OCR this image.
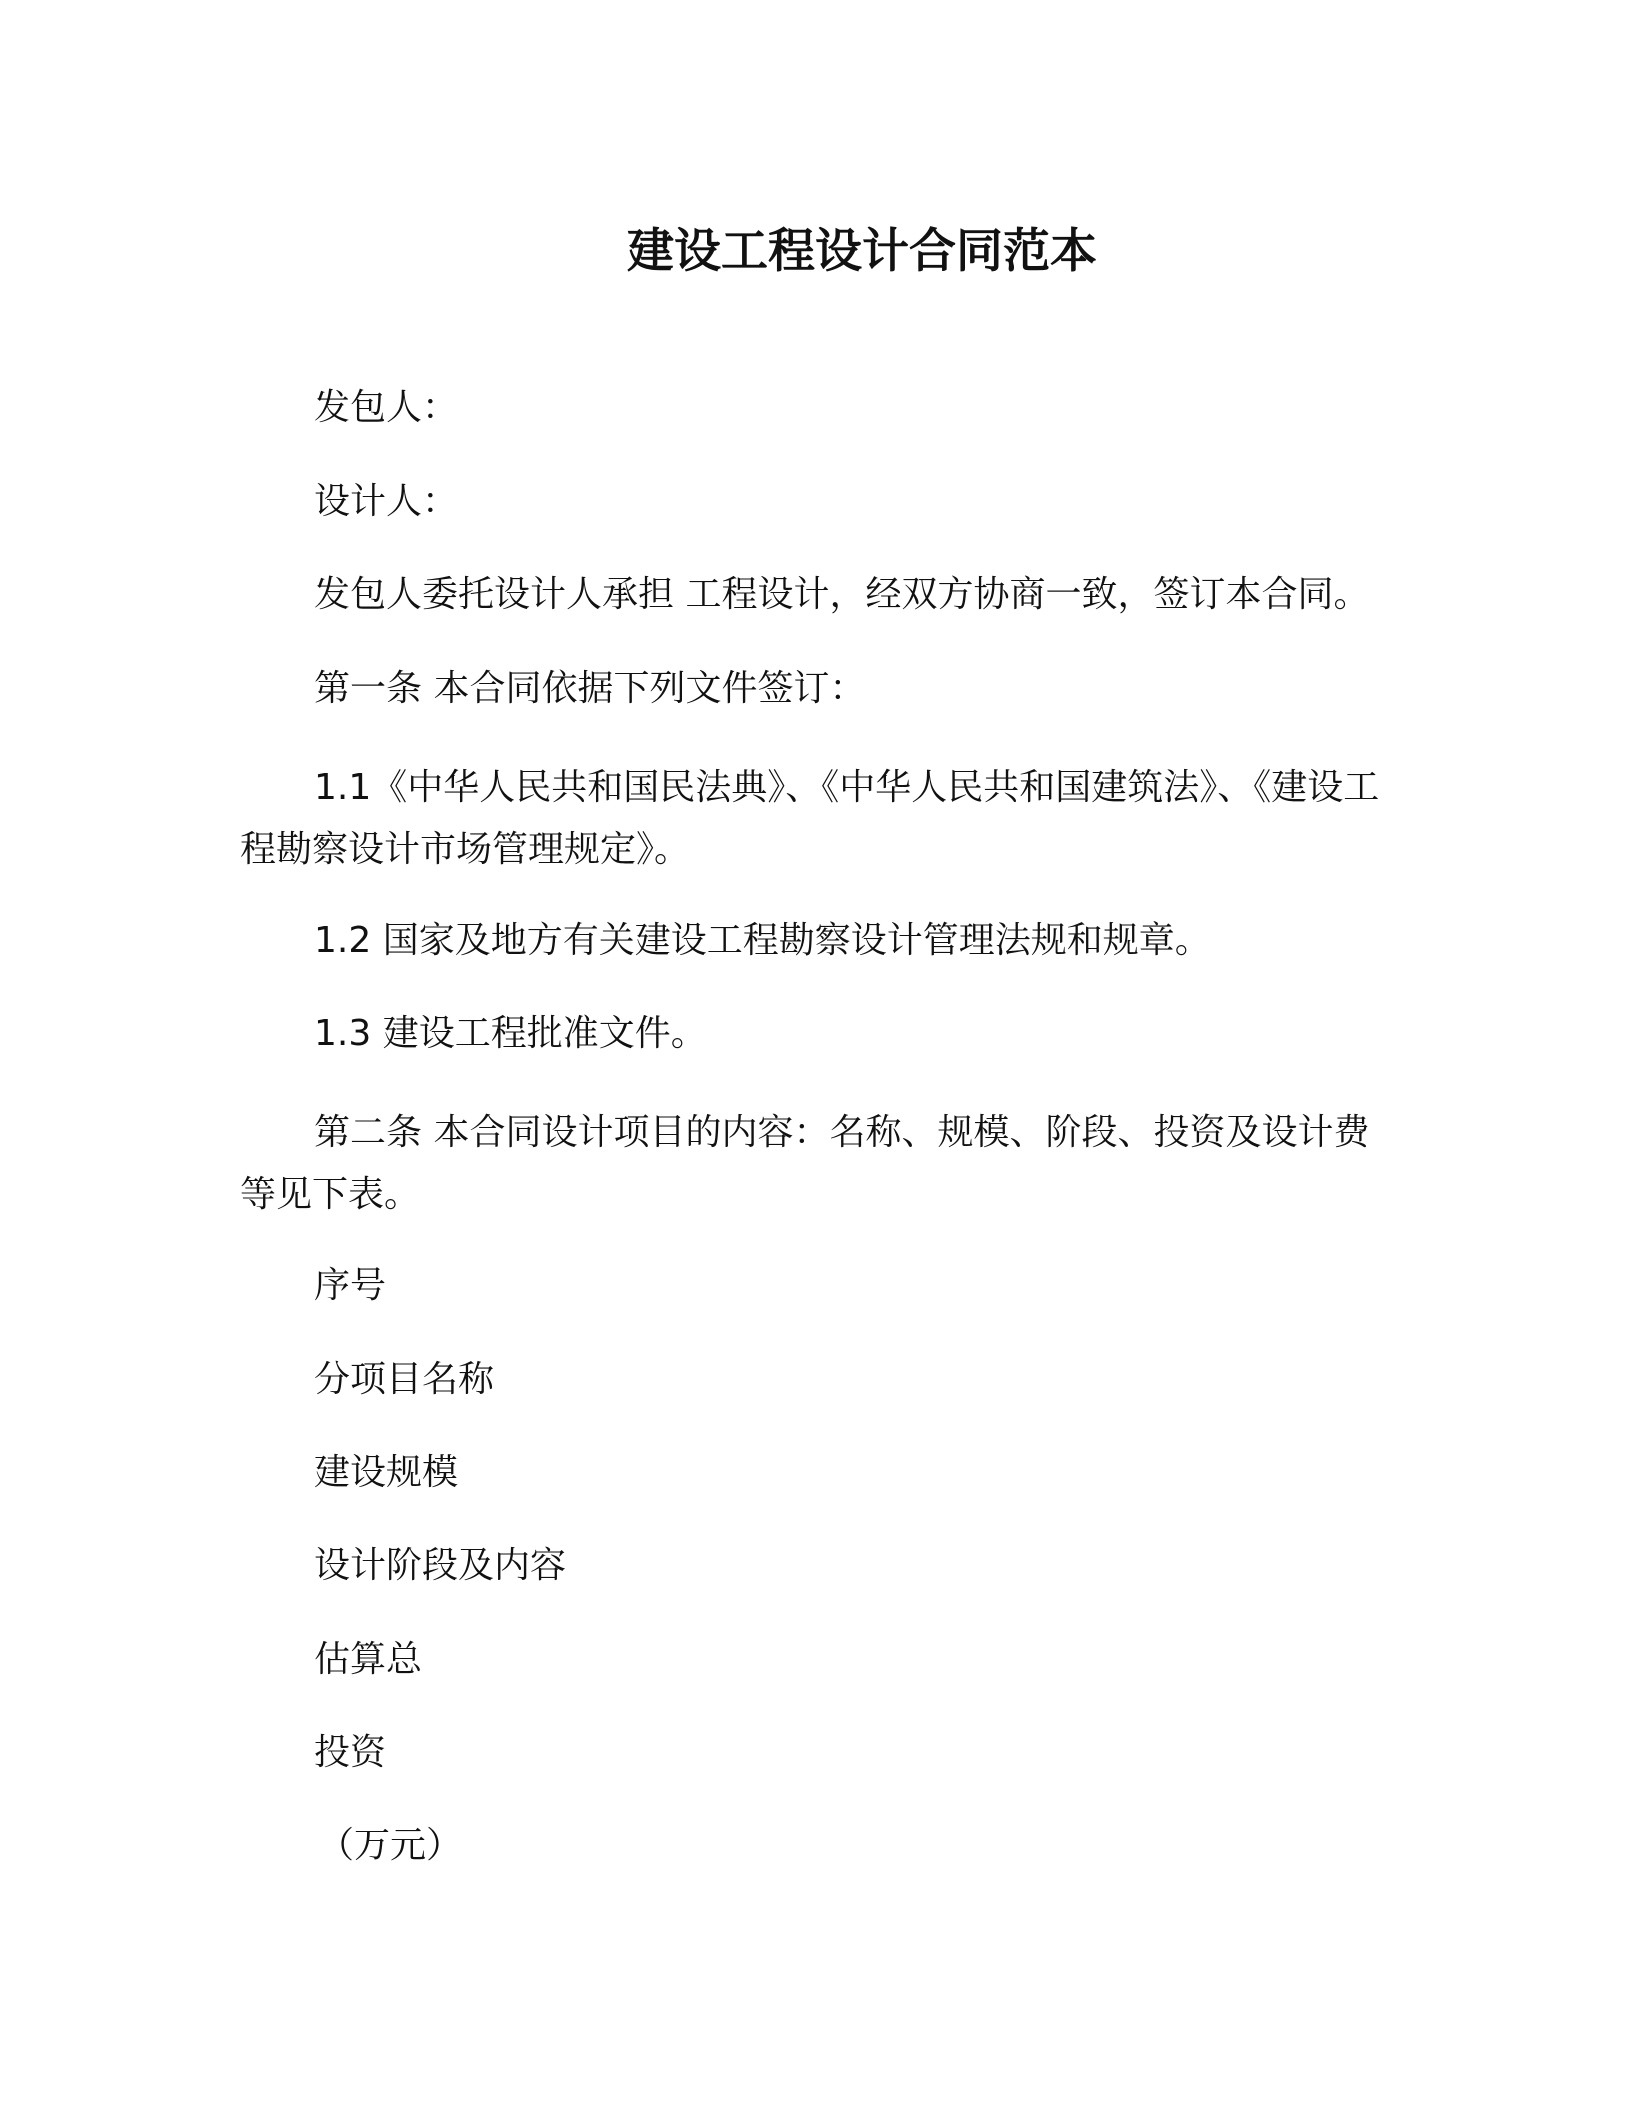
建设工程设计合同范本

发包人：

设计人：

发包人委托设计人承担 工程设计，经双方协商一致，签订本合同。

第一条 本合同依据下列文件签订：

1.1《中华人民共和国民法典》、《中华人民共和国建筑法》、《建设工程勘察设计市场管理规定》。

1.2 国家及地方有关建设工程勘察设计管理法规和规章。

1.3 建设工程批准文件。

第二条 本合同设计项目的内容：名称、规模、阶段、投资及设计费等见下表。

序号

分项目名称

建设规模

设计阶段及内容

估算总

投资

（万元）
